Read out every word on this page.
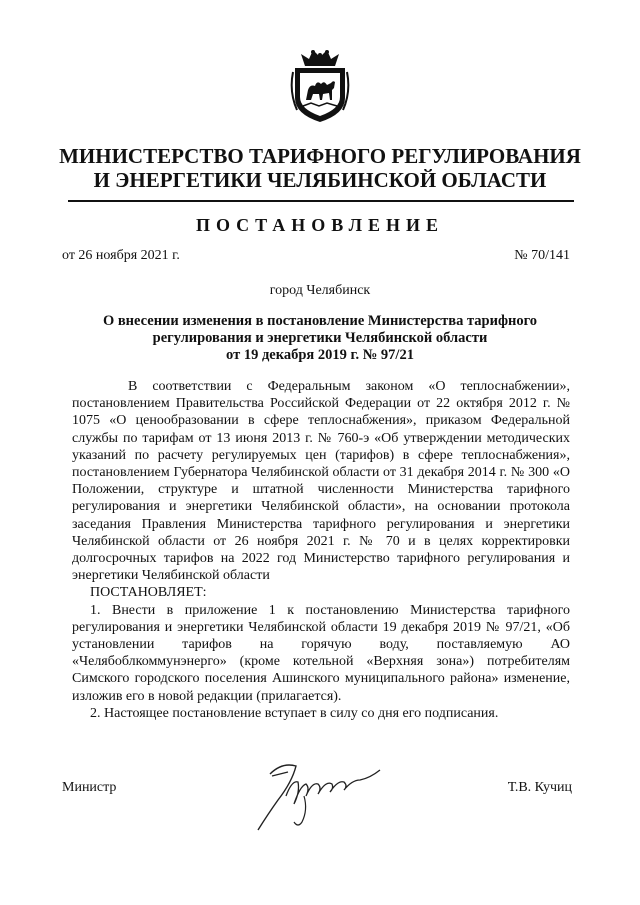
МИНИСТЕРСТВО ТАРИФНОГО РЕГУЛИРОВАНИЯ
И ЭНЕРГЕТИКИ ЧЕЛЯБИНСКОЙ ОБЛАСТИ
ПОСТАНОВЛЕНИЕ
от 26 ноября 2021 г.	№ 70/141
город Челябинск
О внесении изменения в постановление Министерства тарифного
регулирования и энергетики Челябинской области
от 19 декабря 2019 г. № 97/21

В соответствии с Федеральным законом «О теплоснабжении», постановлением Правительства Российской Федерации от 22 октября 2012 г. № 1075 «О ценообразовании в сфере теплоснабжения», приказом Федеральной службы по тарифам от 13 июня 2013 г. № 760-э «Об утверждении методических указаний по расчету регулируемых цен (тарифов) в сфере теплоснабжения», постановлением Губернатора Челябинской области от 31 декабря 2014 г. № 300 «О Положении, структуре и штатной численности Министерства тарифного регулирования и энергетики Челябинской области», на основании протокола заседания Правления Министерства тарифного регулирования и энергетики Челябинской области от 26 ноября 2021 г. № 70 и в целях корректировки долгосрочных тарифов на 2022 год Министерство тарифного регулирования и энергетики Челябинской области

ПОСТАНОВЛЯЕТ:

1. Внести в приложение 1 к постановлению Министерства тарифного регулирования и энергетики Челябинской области 19 декабря 2019 № 97/21, «Об установлении тарифов на горячую воду, поставляемую АО «Челябоблкоммунэнерго» (кроме котельной «Верхняя зона») потребителям Симского городского поселения Ашинского муниципального района» изменение, изложив его в новой редакции (прилагается).

2. Настоящее постановление вступает в силу со дня его подписания.

Министр	Т.В. Кучиц
